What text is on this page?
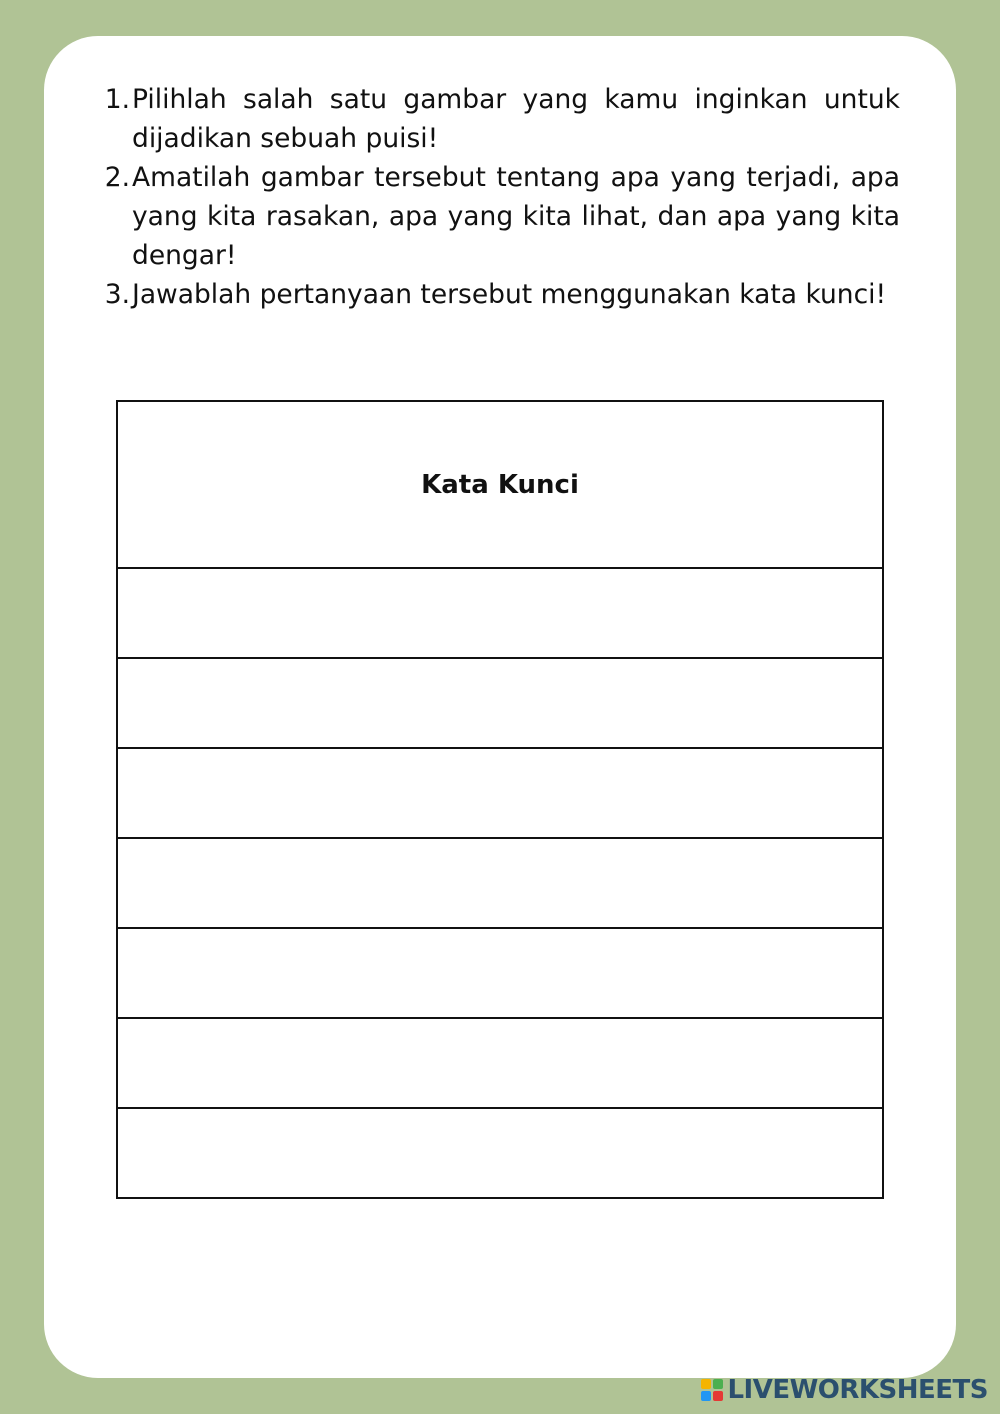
1. Pilihlah salah satu gambar yang kamu inginkan untuk dijadikan sebuah puisi!
2. Amatilah gambar tersebut tentang apa yang terjadi, apa yang kita rasakan, apa yang kita lihat, dan apa yang kita dengar!
3. Jawablah pertanyaan tersebut menggunakan kata kunci!
Kata Kunci

LIVEWORKSHEETS
